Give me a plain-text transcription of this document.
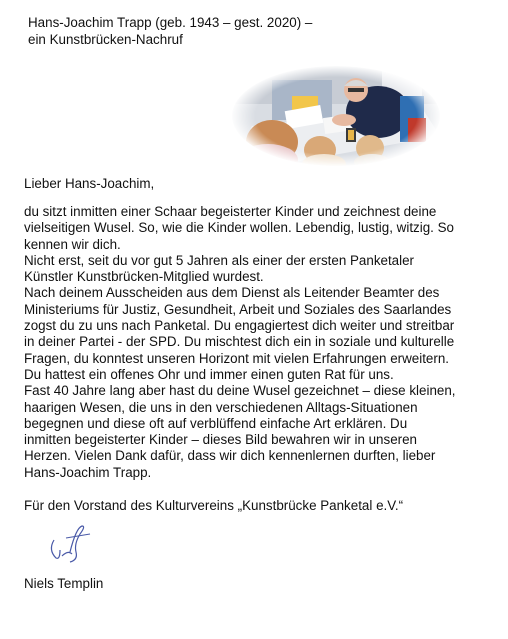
Hans-Joachim Trapp (geb. 1943 – gest. 2020) –
ein Kunstbrücken-Nachruf
Lieber Hans-Joachim,
du sitzt inmitten einer Schaar begeisterter Kinder und zeichnest deine
vielseitigen Wusel. So, wie die Kinder wollen. Lebendig, lustig, witzig. So
kennen wir dich.
Nicht erst, seit du vor gut 5 Jahren als einer der ersten Panketaler
Künstler Kunstbrücken-Mitglied wurdest.
Nach deinem Ausscheiden aus dem Dienst als Leitender Beamter des
Ministeriums für Justiz, Gesundheit, Arbeit und Soziales des Saarlandes
zogst du zu uns nach Panketal. Du engagiertest dich weiter und streitbar
in deiner Partei - der SPD. Du mischtest dich ein in soziale und kulturelle
Fragen, du konntest unseren Horizont mit vielen Erfahrungen erweitern.
Du hattest ein offenes Ohr und immer einen guten Rat für uns.
Fast 40 Jahre lang aber hast du deine Wusel gezeichnet – diese kleinen,
haarigen Wesen, die uns in den verschiedenen Alltags-Situationen
begegnen und diese oft auf verblüffend einfache Art erklären. Du
inmitten begeisterter Kinder – dieses Bild bewahren wir in unseren
Herzen. Vielen Dank dafür, dass wir dich kennenlernen durften, lieber
Hans-Joachim Trapp.
Für den Vorstand des Kulturvereins „Kunstbrücke Panketal e.V.“
Niels Templin
